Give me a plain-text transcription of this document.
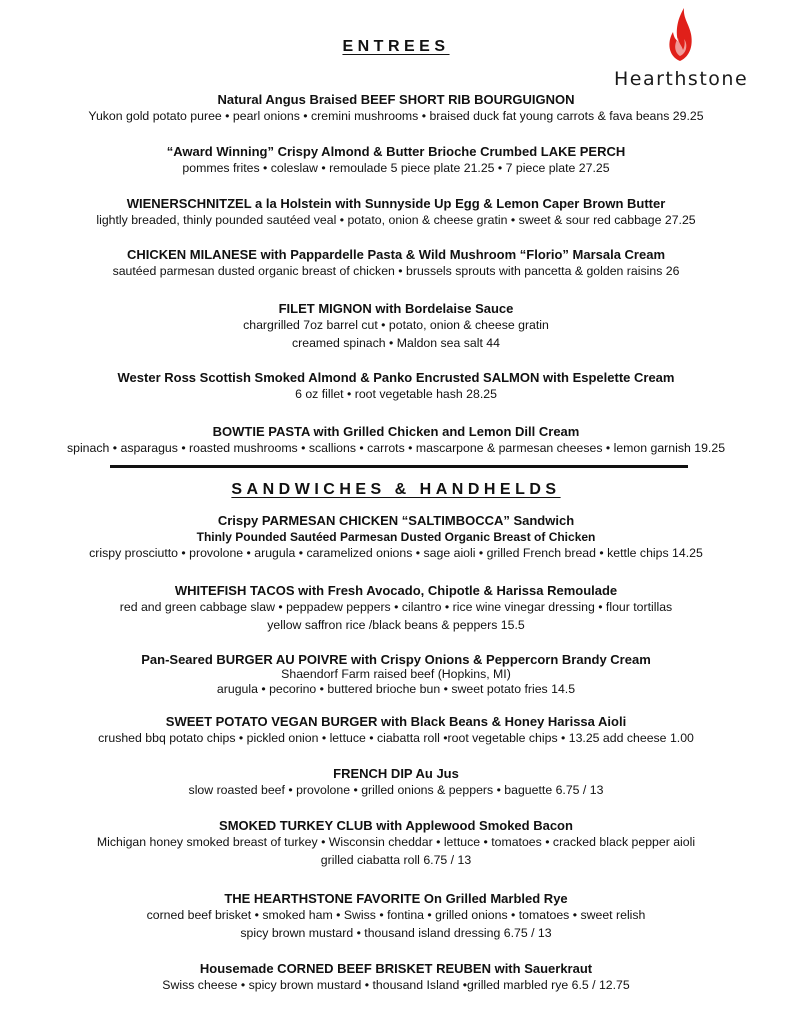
Hearthstone
ENTREES
Natural Angus Braised BEEF SHORT RIB BOURGUIGNON
Yukon gold potato puree • pearl onions • cremini mushrooms • braised duck fat young carrots & fava beans 29.25
“Award Winning” Crispy Almond & Butter Brioche Crumbed LAKE PERCH
pommes frites • coleslaw • remoulade 5 piece plate 21.25 • 7 piece plate 27.25
WIENERSCHNITZEL a la Holstein with Sunnyside Up Egg & Lemon Caper Brown Butter
lightly breaded, thinly pounded sautéed veal • potato, onion & cheese gratin • sweet & sour red cabbage 27.25
CHICKEN MILANESE with Pappardelle Pasta & Wild Mushroom “Florio” Marsala Cream
sautéed parmesan dusted organic breast of chicken • brussels sprouts with pancetta & golden raisins 26
FILET MIGNON with Bordelaise Sauce
chargrilled 7oz barrel cut • potato, onion & cheese gratin
creamed spinach • Maldon sea salt 44
Wester Ross Scottish Smoked Almond & Panko Encrusted SALMON with Espelette Cream
6 oz fillet • root vegetable hash 28.25
BOWTIE PASTA with Grilled Chicken and Lemon Dill Cream
spinach • asparagus • roasted mushrooms • scallions • carrots • mascarpone & parmesan cheeses • lemon garnish 19.25
SANDWICHES & HANDHELDS
Crispy PARMESAN CHICKEN “SALTIMBOCCA” Sandwich
Thinly Pounded Sautéed Parmesan Dusted Organic Breast of Chicken
crispy prosciutto • provolone • arugula • caramelized onions • sage aioli • grilled French bread • kettle chips 14.25
WHITEFISH TACOS with Fresh Avocado, Chipotle & Harissa Remoulade
red and green cabbage slaw • peppadew peppers • cilantro • rice wine vinegar dressing • flour tortillas
yellow saffron rice /black beans & peppers 15.5
Pan-Seared BURGER AU POIVRE with Crispy Onions & Peppercorn Brandy Cream
Shaendorf Farm raised beef (Hopkins, MI)
arugula • pecorino • buttered brioche bun • sweet potato fries 14.5
SWEET POTATO VEGAN BURGER with Black Beans & Honey Harissa Aioli
crushed bbq potato chips • pickled onion • lettuce • ciabatta roll •root vegetable chips • 13.25 add cheese 1.00
FRENCH DIP Au Jus
slow roasted beef • provolone • grilled onions & peppers • baguette 6.75 / 13
SMOKED TURKEY CLUB with Applewood Smoked Bacon
Michigan honey smoked breast of turkey • Wisconsin cheddar • lettuce • tomatoes • cracked black pepper aioli
grilled ciabatta roll 6.75 / 13
THE HEARTHSTONE FAVORITE On Grilled Marbled Rye
corned beef brisket • smoked ham • Swiss • fontina • grilled onions • tomatoes • sweet relish
spicy brown mustard • thousand island dressing 6.75 / 13
Housemade CORNED BEEF BRISKET REUBEN with Sauerkraut
Swiss cheese • spicy brown mustard • thousand Island •grilled marbled rye 6.5 / 12.75
